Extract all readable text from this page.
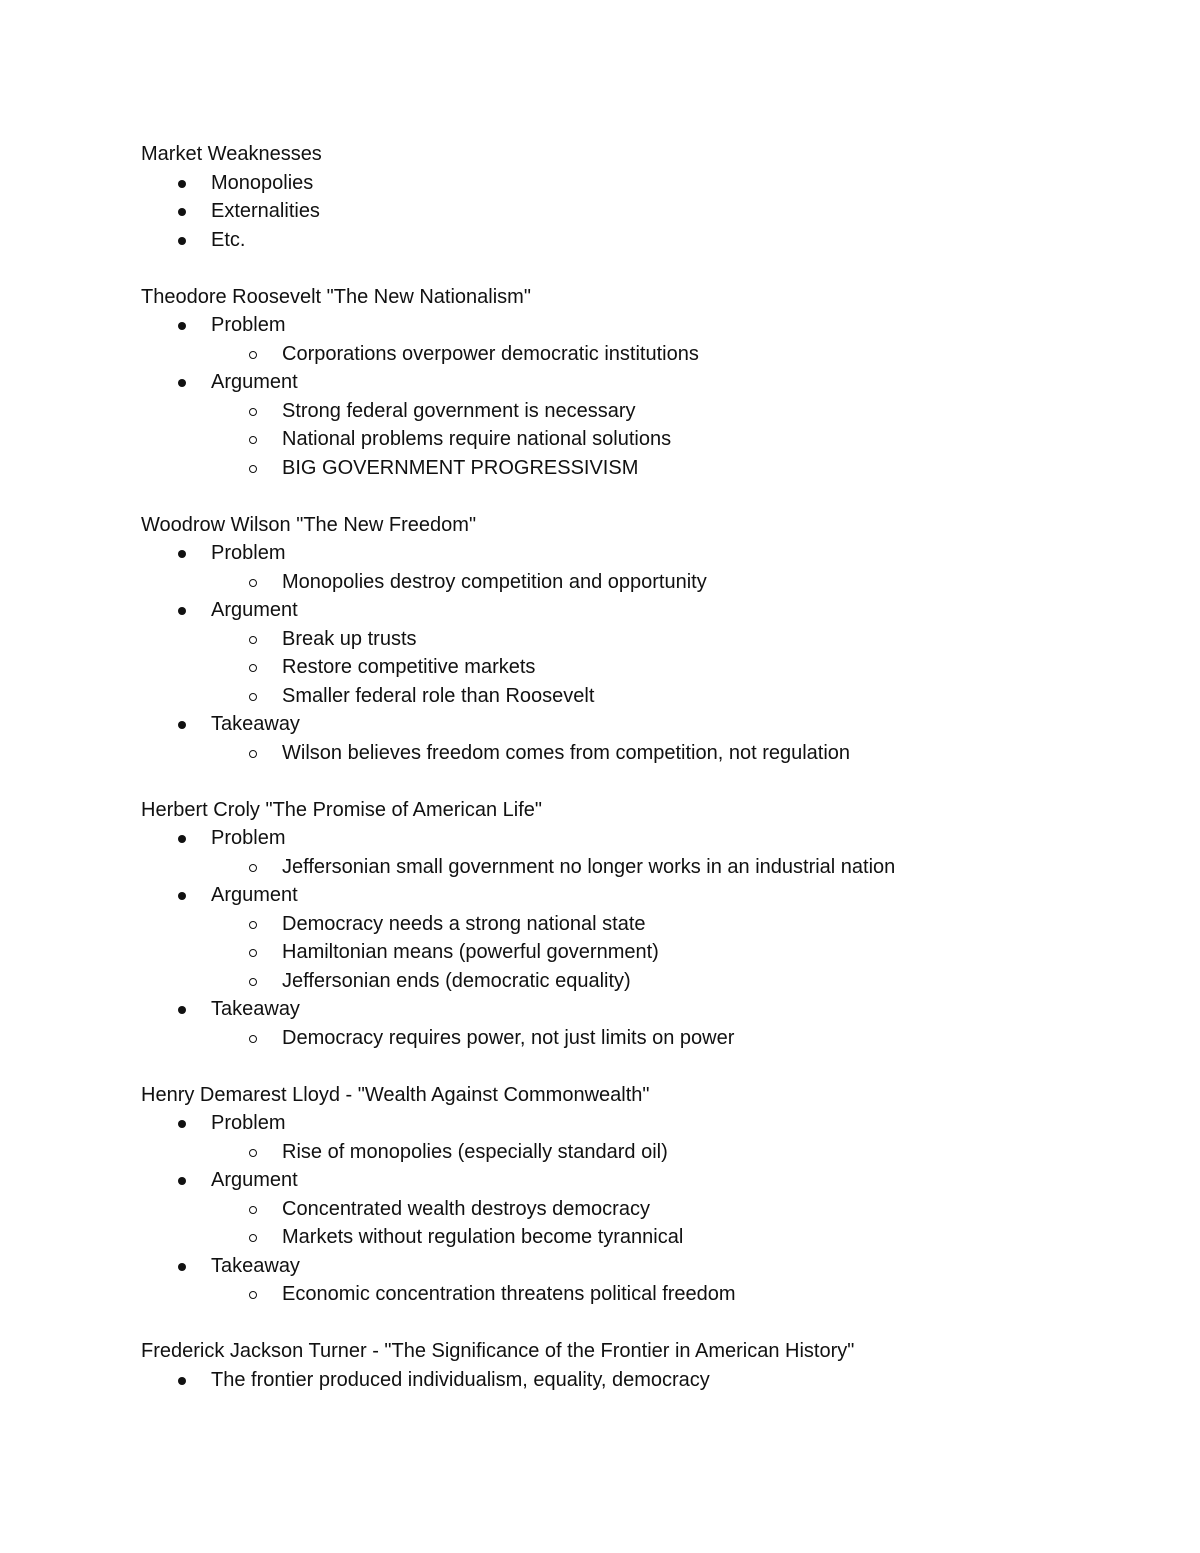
Market Weaknesses
Monopolies
Externalities
Etc.
Theodore Roosevelt "The New Nationalism"
Problem
Corporations overpower democratic institutions
Argument
Strong federal government is necessary
National problems require national solutions
BIG GOVERNMENT PROGRESSIVISM
Woodrow Wilson "The New Freedom"
Problem
Monopolies destroy competition and opportunity
Argument
Break up trusts
Restore competitive markets
Smaller federal role than Roosevelt
Takeaway
Wilson believes freedom comes from competition, not regulation
Herbert Croly "The Promise of American Life"
Problem
Jeffersonian small government no longer works in an industrial nation
Argument
Democracy needs a strong national state
Hamiltonian means (powerful government)
Jeffersonian ends (democratic equality)
Takeaway
Democracy requires power, not just limits on power
Henry Demarest Lloyd - "Wealth Against Commonwealth"
Problem
Rise of monopolies (especially standard oil)
Argument
Concentrated wealth destroys democracy
Markets without regulation become tyrannical
Takeaway
Economic concentration threatens political freedom
Frederick Jackson Turner - "The Significance of the Frontier in American History"
The frontier produced individualism, equality, democracy
